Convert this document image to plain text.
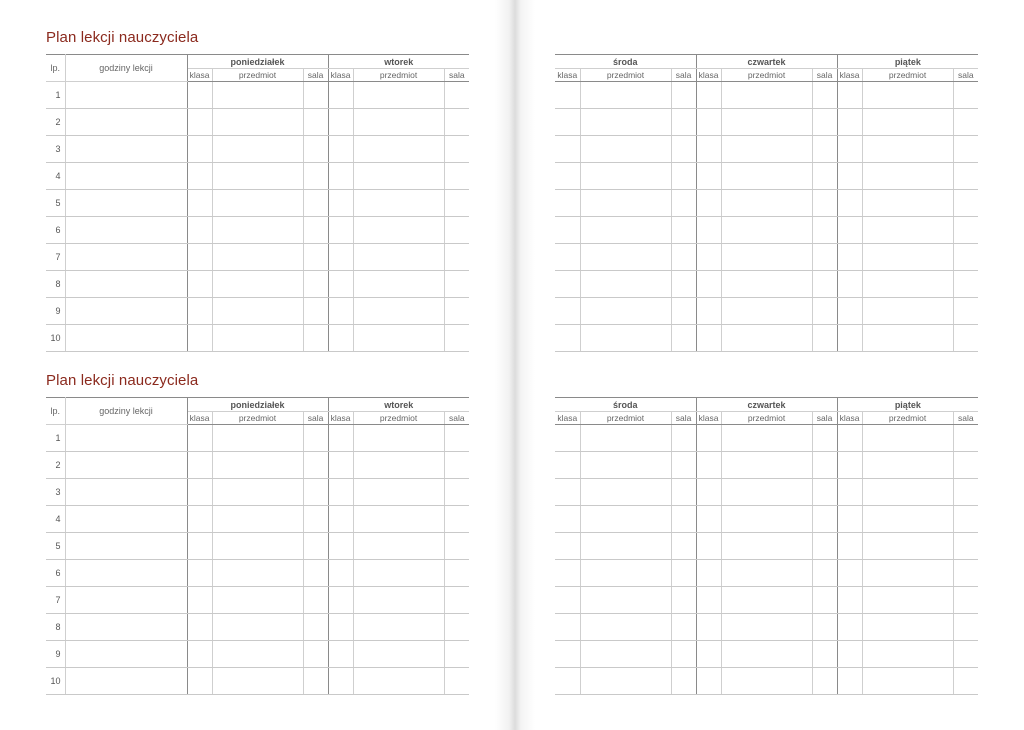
Plan lekcji nauczyciela
Plan lekcji nauczyciela
lp.	godziny lekcji	poniedziałek			wtorek		
		klasa	przedmiot	sala	klasa	przedmiot	sala
1							
2							
3							
4							
5							
6							
7							
8							
9							
10							
środa			czwartek			piątek		
klasa	przedmiot	sala	klasa	przedmiot	sala	klasa	przedmiot	sala

lp.	godziny lekcji	poniedziałek			wtorek		
		klasa	przedmiot	sala	klasa	przedmiot	sala
1							
2							
3							
4							
5							
6							
7							
8							
9							
10							
środa			czwartek			piątek		
klasa	przedmiot	sala	klasa	przedmiot	sala	klasa	przedmiot	sala
